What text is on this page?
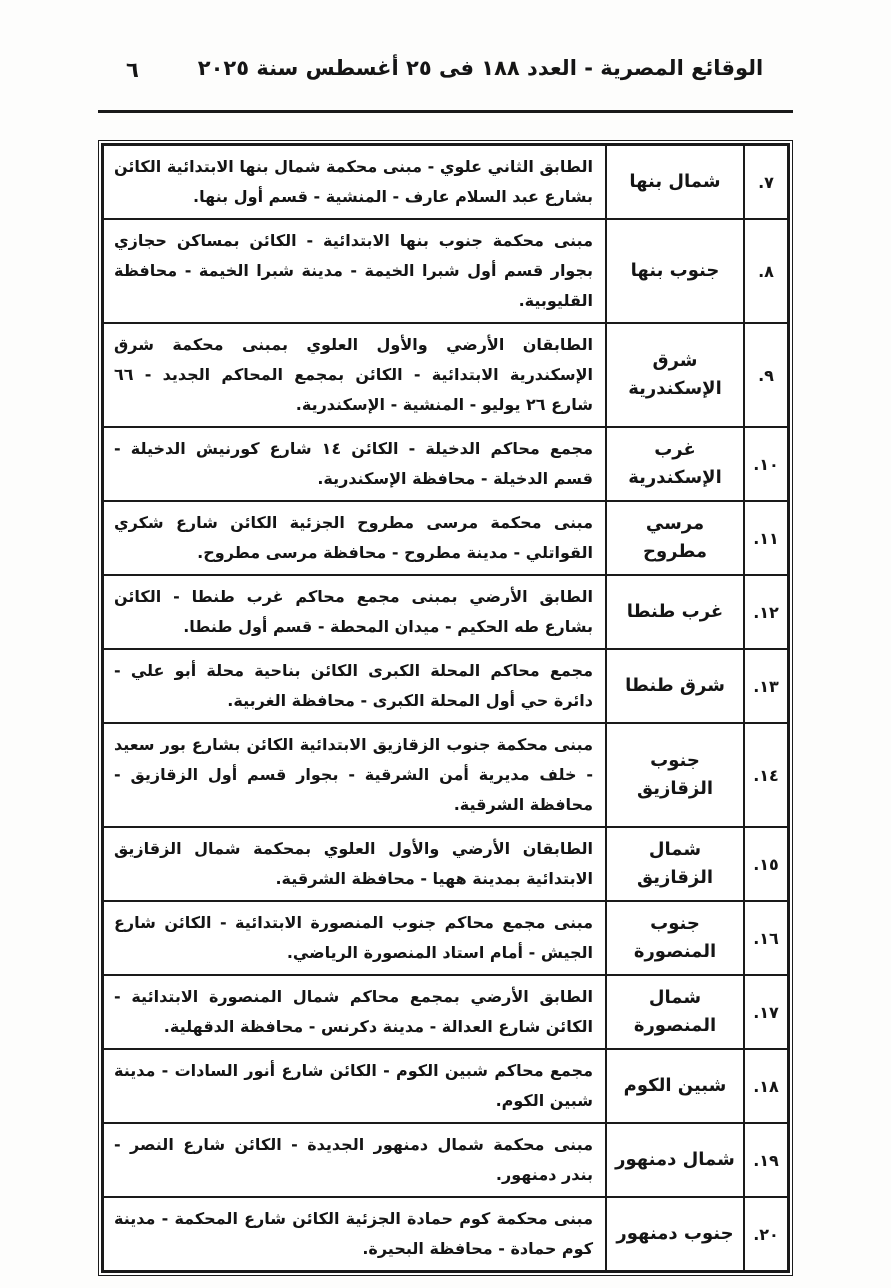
الوقائع المصرية - العدد ١٨٨ فى ٢٥ أغسطس سنة ٢٠٢٥
٦
٧.	شمال بنها	الطابق الثاني علوي - مبنى محكمة شمال بنها الابتدائية الكائن بشارع عبد السلام عارف - المنشية - قسم أول بنها.
٨.	جنوب بنها	مبنى محكمة جنوب بنها الابتدائية - الكائن بمساكن حجازي بجوار قسم أول شبرا الخيمة - مدينة شبرا الخيمة - محافظة القليوبية.
٩.	شرق الإسكندرية	الطابقان الأرضي والأول العلوي بمبنى محكمة شرق الإسكندرية الابتدائية - الكائن بمجمع المحاكم الجديد - ٦٦ شارع ٢٦ يوليو - المنشية - الإسكندرية.
١٠.	غرب الإسكندرية	مجمع محاكم الدخيلة - الكائن ١٤ شارع كورنيش الدخيلة - قسم الدخيلة - محافظة الإسكندرية.
١١.	مرسي مطروح	مبنى محكمة مرسى مطروح الجزئية الكائن شارع شكري القواتلي - مدينة مطروح - محافظة مرسى مطروح.
١٢.	غرب طنطا	الطابق الأرضي بمبنى مجمع محاكم غرب طنطا - الكائن بشارع طه الحكيم - ميدان المحطة - قسم أول طنطا.
١٣.	شرق طنطا	مجمع محاكم المحلة الكبرى الكائن بناحية محلة أبو علي - دائرة حي أول المحلة الكبرى - محافظة الغربية.
١٤.	جنوب الزقازيق	مبنى محكمة جنوب الزقازيق الابتدائية الكائن بشارع بور سعيد - خلف مديرية أمن الشرقية - بجوار قسم أول الزقازيق - محافظة الشرقية.
١٥.	شمال الزقازيق	الطابقان الأرضي والأول العلوي بمحكمة شمال الزقازيق الابتدائية بمدينة ههيا - محافظة الشرقية.
١٦.	جنوب المنصورة	مبنى مجمع محاكم جنوب المنصورة الابتدائية - الكائن شارع الجيش - أمام استاد المنصورة الرياضي.
١٧.	شمال المنصورة	الطابق الأرضي بمجمع محاكم شمال المنصورة الابتدائية - الكائن شارع العدالة - مدينة دكرنس - محافظة الدقهلية.
١٨.	شبين الكوم	مجمع محاكم شبين الكوم - الكائن شارع أنور السادات - مدينة شبين الكوم.
١٩.	شمال دمنهور	مبنى محكمة شمال دمنهور الجديدة - الكائن شارع النصر - بندر دمنهور.
٢٠.	جنوب دمنهور	مبنى محكمة كوم حمادة الجزئية الكائن شارع المحكمة - مدينة كوم حمادة - محافظة البحيرة.
